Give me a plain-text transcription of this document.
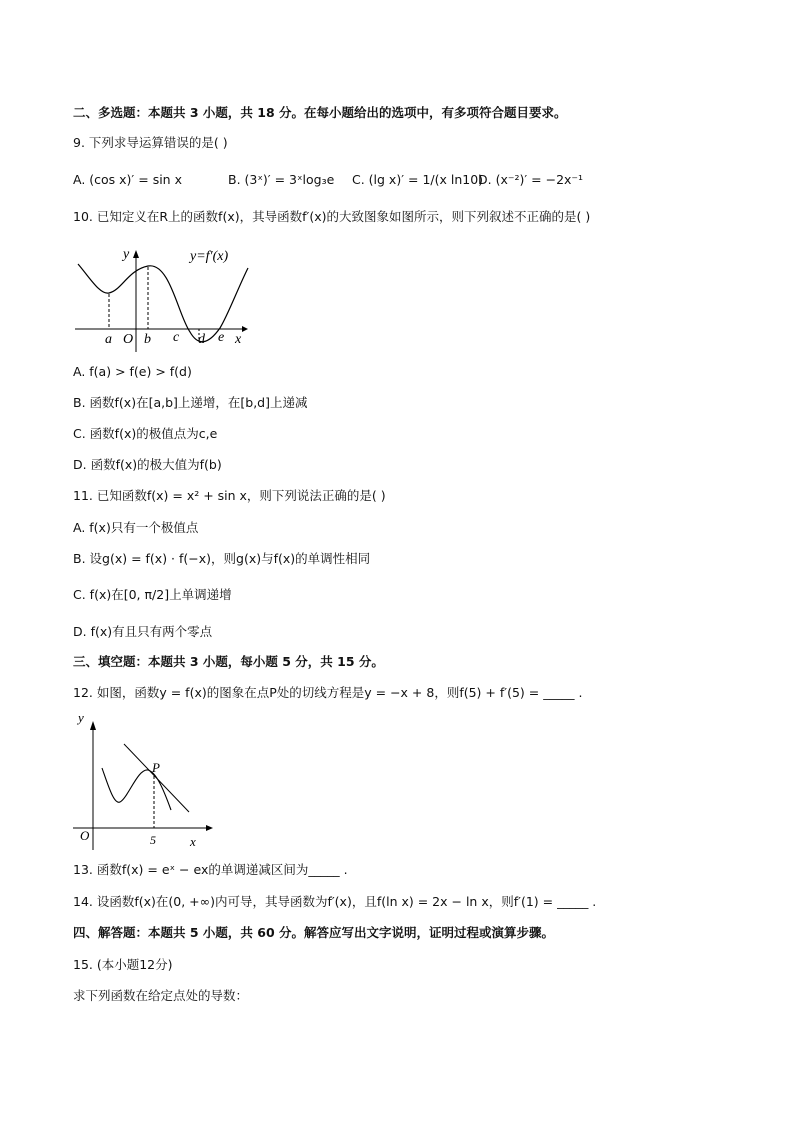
二、多选题：本题共 3 小题，共 18 分。在每小题给出的选项中，有多项符合题目要求。
9. 下列求导运算错误的是( )
A. (cos x)′ = sin x	B. (3ˣ)′ = 3ˣlog₃e C. (lg x)′ = 1/(x ln10)
D. (x⁻²)′ = −2x⁻¹
10. 已知定义在R上的函数f(x)，其导函数f′(x)的大致图象如图所示，则下列叙述不正确的是( )
y=f′(x)
y
a O b c d e x
A. f(a) > f(e) > f(d)
B. 函数f(x)在[a,b]上递增，在[b,d]上递减
C. 函数f(x)的极值点为c,e
D. 函数f(x)的极大值为f(b)
11. 已知函数f(x) = x² + sin x，则下列说法正确的是( )
A. f(x)只有一个极值点
B. 设g(x) = f(x) · f(−x)，则g(x)与f(x)的单调性相同
C. f(x)在[0, π/2]上单调递增
D. f(x)有且只有两个零点
三、填空题：本题共 3 小题，每小题 5 分，共 15 分。
12. 如图，函数y = f(x)的图象在点P处的切线方程是y = −x + 8，则f(5) + f′(5) = _____ .
y
O
P
5	x
13. 函数f(x) = eˣ − ex的单调递减区间为_____ .
14. 设函数f(x)在(0, +∞)内可导，其导函数为f′(x)，且f(ln x) = 2x − ln x，则f′(1) = _____ .
四、解答题：本题共 5 小题，共 60 分。解答应写出文字说明，证明过程或演算步骤。
15. (本小题12分)
求下列函数在给定点处的导数：
